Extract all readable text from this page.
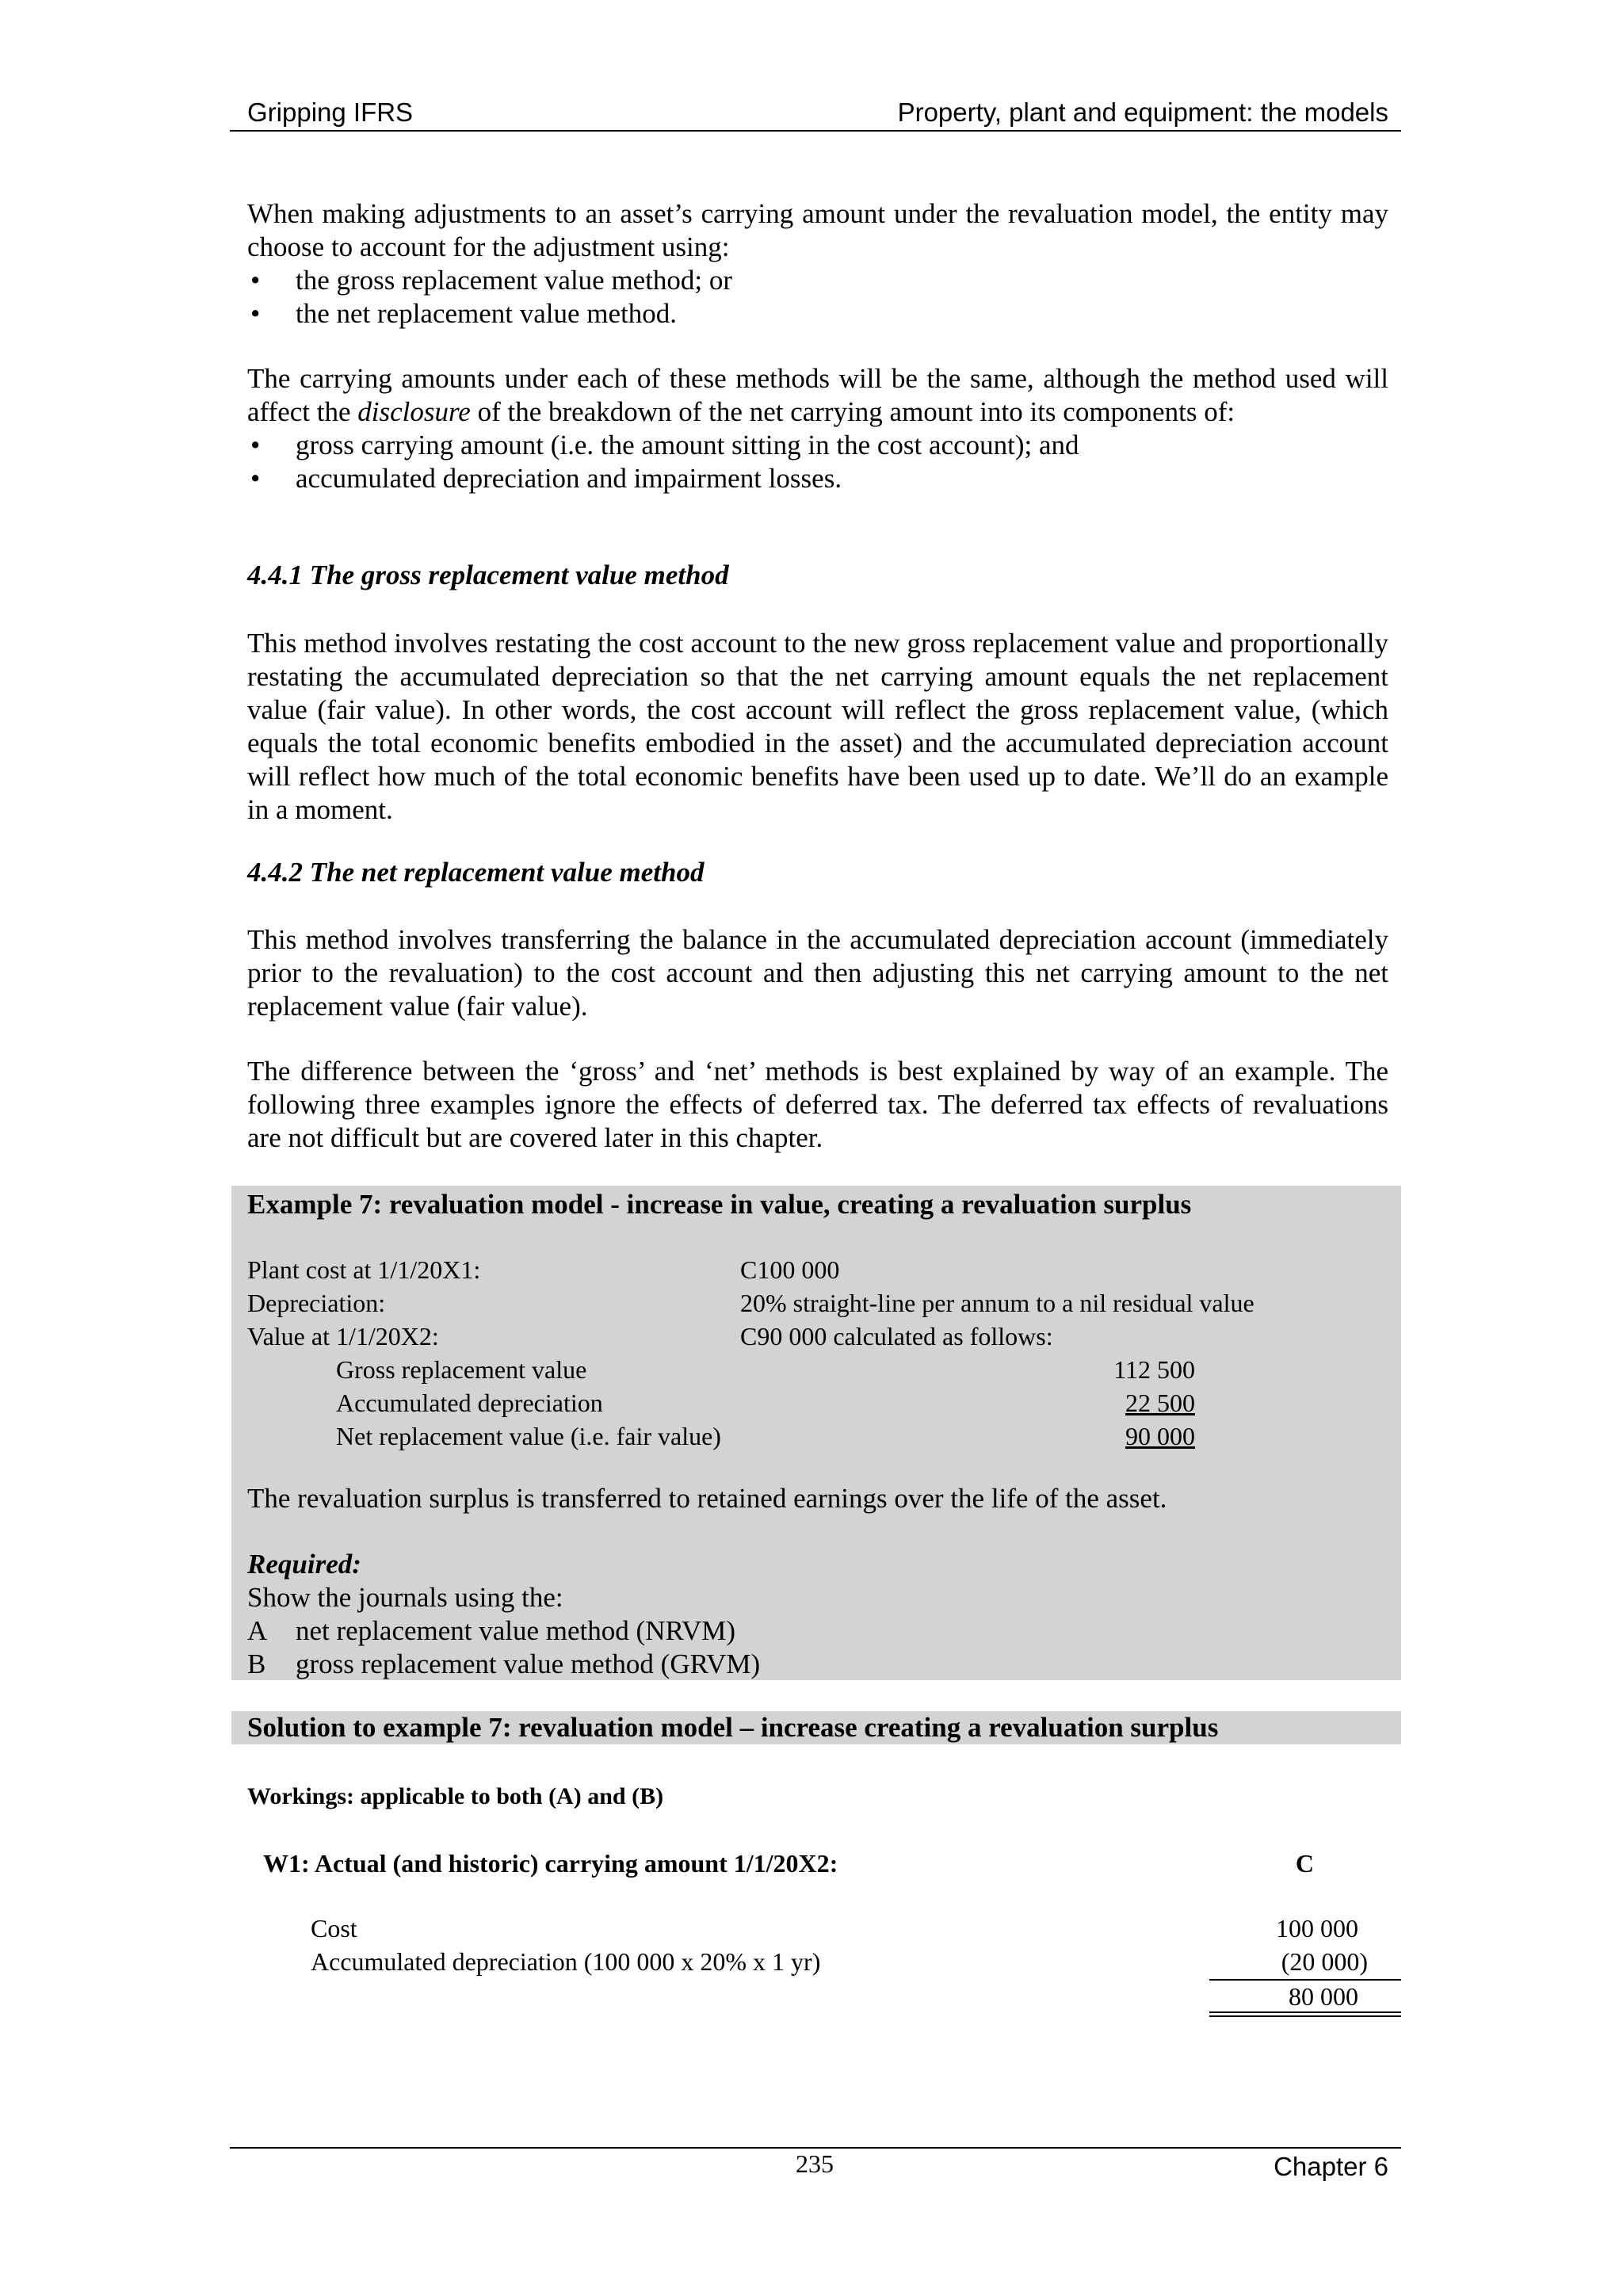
Gripping IFRS	Property, plant and equipment: the models

When making adjustments to an asset’s carrying amount under the revaluation model, the entity may choose to account for the adjustment using:

• the gross replacement value method; or
• the net replacement value method.

The carrying amounts under each of these methods will be the same, although the method used will affect the disclosure of the breakdown of the net carrying amount into its components of:

• gross carrying amount (i.e. the amount sitting in the cost account); and
• accumulated depreciation and impairment losses.
4.4.1 The gross replacement value method
This method involves restating the cost account to the new gross replacement value and proportionally restating the accumulated depreciation so that the net carrying amount equals the net replacement value (fair value). In other words, the cost account will reflect the gross replacement value, (which equals the total economic benefits embodied in the asset) and the accumulated depreciation account will reflect how much of the total economic benefits have been used up to date. We’ll do an example in a moment.
4.4.2 The net replacement value method
This method involves transferring the balance in the accumulated depreciation account (immediately prior to the revaluation) to the cost account and then adjusting this net carrying amount to the net replacement value (fair value).
The difference between the ‘gross’ and ‘net’ methods is best explained by way of an example. The following three examples ignore the effects of deferred tax. The deferred tax effects of revaluations are not difficult but are covered later in this chapter.
Example 7: revaluation model - increase in value, creating a revaluation surplus
Plant cost at 1/1/20X1:	C100 000
Depreciation:	20% straight-line per annum to a nil residual value
Value at 1/1/20X2:	C90 000 calculated as follows:
Gross replacement value	112 500
Accumulated depreciation	22 500
Net replacement value (i.e. fair value)	90 000
The revaluation surplus is transferred to retained earnings over the life of the asset.
Required:
Show the journals using the:
A net replacement value method (NRVM)
B gross replacement value method (GRVM)
Solution to example 7: revaluation model – increase creating a revaluation surplus
Workings: applicable to both (A) and (B)
W1: Actual (and historic) carrying amount 1/1/20X2:	C
Cost	100 000
Accumulated depreciation (100 000 x 20% x 1 yr)	(20 000)
80 000
235	Chapter 6
